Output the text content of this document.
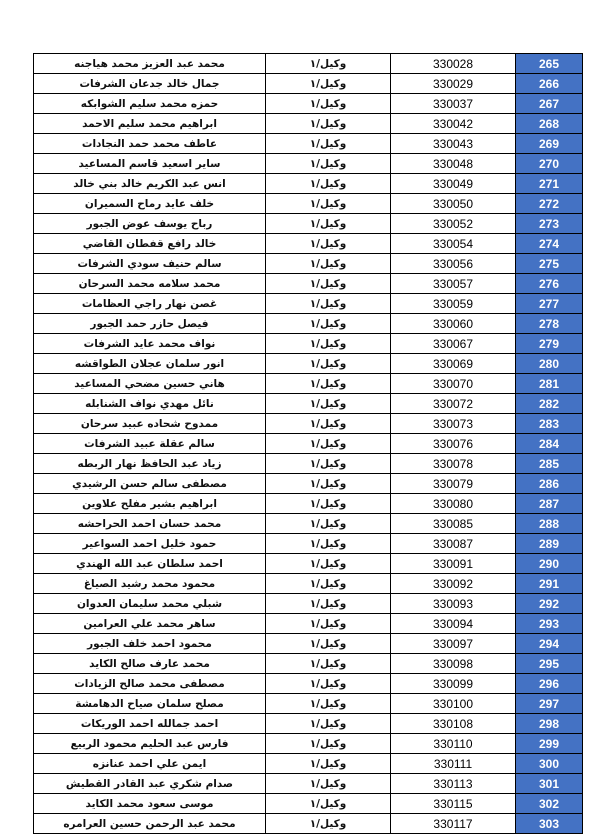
محمد عبد العزيز محمد هياجنه	وكيل/١	330028	265
جمال خالد جدعان الشرفات	وكيل/١	330029	266
حمزه محمد سليم الشوابكه	وكيل/١	330037	267
ابراهيم محمد سليم الاحمد	وكيل/١	330042	268
عاطف محمد حمد النجادات	وكيل/١	330043	269
ساير اسعيد قاسم المساعيد	وكيل/١	330048	270
انس عبد الكريم خالد بني خالد	وكيل/١	330049	271
خلف عايد رماح السميران	وكيل/١	330050	272
رباح يوسف عوض الجبور	وكيل/١	330052	273
خالد رافع قفطان القاضي	وكيل/١	330054	274
سالم حنيف سودي الشرفات	وكيل/١	330056	275
محمد سلامه محمد السرحان	وكيل/١	330057	276
غصن نهار راجي العظامات	وكيل/١	330059	277
فيصل حازر حمد الجبور	وكيل/١	330060	278
نواف محمد عايد الشرفات	وكيل/١	330067	279
انور سلمان عجلان الطواقشه	وكيل/١	330069	280
هاني حسين مضحي المساعيد	وكيل/١	330070	281
نائل مهدي نواف الشنابله	وكيل/١	330072	282
ممدوح شحاده عبيد سرحان	وكيل/١	330073	283
سالم عقلة عبيد الشرفات	وكيل/١	330076	284
زياد عبد الحافظ نهار الربطه	وكيل/١	330078	285
مصطفى سالم حسن الرشيدي	وكيل/١	330079	286
ابراهيم بشير مفلح علاوين	وكيل/١	330080	287
محمد حسان احمد الحراحشه	وكيل/١	330085	288
حمود خليل احمد السواعير	وكيل/١	330087	289
احمد سلطان عبد الله الهندي	وكيل/١	330091	290
محمود محمد رشيد الصياغ	وكيل/١	330092	291
شبلي محمد سليمان العدوان	وكيل/١	330093	292
ساهر محمد علي العرامين	وكيل/١	330094	293
محمود احمد خلف الجبور	وكيل/١	330097	294
محمد عارف صالح الكايد	وكيل/١	330098	295
مصطفى محمد صالح الزيادات	وكيل/١	330099	296
مصلح سلمان صياح الدهامشة	وكيل/١	330100	297
احمد جمالله احمد الوريكات	وكيل/١	330108	298
فارس عبد الحليم محمود الربيع	وكيل/١	330110	299
ايمن علي احمد عنانزه	وكيل/١	330111	300
صدام شكري عبد القادر القطيش	وكيل/١	330113	301
موسى سعود محمد الكايد	وكيل/١	330115	302
محمد عبد الرحمن حسين العرامره	وكيل/١	330117	303
